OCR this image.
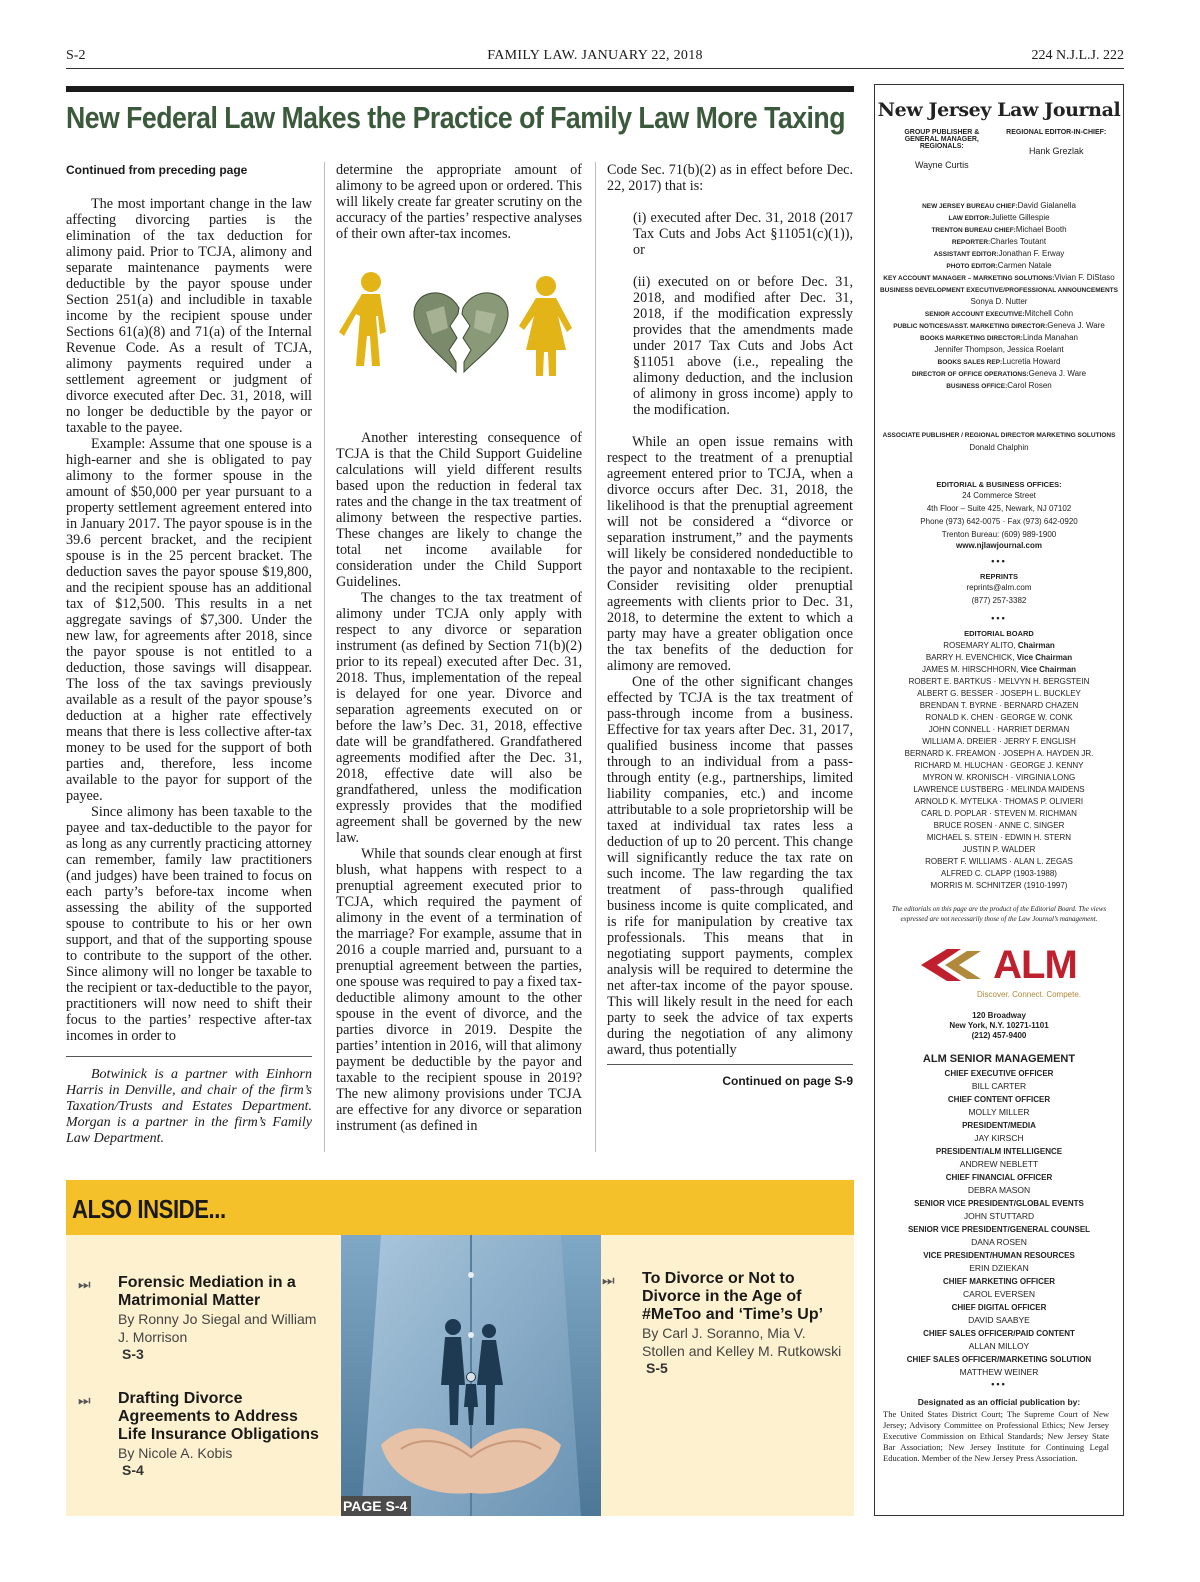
S-2	FAMILY LAW. JANUARY 22, 2018	224 N.J.L.J. 222
New Federal Law Makes the Practice of Family Law More Taxing

Continued from preceding page

The most important change in the law affecting divorcing parties is the elimination of the tax deduction for alimony paid. Prior to TCJA, alimony and separate maintenance payments were deductible by the payor spouse under Section 251(a) and includible in taxable income by the recipient spouse under Sections 61(a)(8) and 71(a) of the Internal Revenue Code. As a result of TCJA, alimony payments required under a settlement agreement or judgment of divorce executed after Dec. 31, 2018, will no longer be deductible by the payor or taxable to the payee.

Example: Assume that one spouse is a high-earner and she is obligated to pay alimony to the former spouse in the amount of $50,000 per year pursuant to a property settlement agreement entered into in January 2017. The payor spouse is in the 39.6 percent bracket, and the recipient spouse is in the 25 percent bracket. The deduction saves the payor spouse $19,800, and the recipient spouse has an additional tax of $12,500. This results in a net aggregate savings of $7,300. Under the new law, for agreements after 2018, since the payor spouse is not entitled to a deduction, those savings will disappear. The loss of the tax savings previously available as a result of the payor spouse’s deduction at a higher rate effectively means that there is less collective after-tax money to be used for the support of both parties and, therefore, less income available to the payor for support of the payee.

Since alimony has been taxable to the payee and tax-deductible to the payor for as long as any currently practicing attorney can remember, family law practitioners (and judges) have been trained to focus on each party’s before-tax income when assessing the ability of the supported spouse to contribute to his or her own support, and that of the supporting spouse to contribute to the support of the other. Since alimony will no longer be taxable to the recipient or tax-deductible to the payor, practitioners will now need to shift their focus to the parties’ respective after-tax incomes in order to

Botwinick is a partner with Einhorn Harris in Denville, and chair of the firm’s Taxation/Trusts and Estates Department. Morgan is a partner in the firm’s Family Law Department.

determine the appropriate amount of alimony to be agreed upon or ordered. This will likely create far greater scrutiny on the accuracy of the parties’ respective analyses of their own after-tax incomes.

Another interesting consequence of TCJA is that the Child Support Guideline calculations will yield different results based upon the reduction in federal tax rates and the change in the tax treatment of alimony between the respective parties. These changes are likely to change the total net income available for consideration under the Child Support Guidelines.

The changes to the tax treatment of alimony under TCJA only apply with respect to any divorce or separation instrument (as defined by Section 71(b)(2) prior to its repeal) executed after Dec. 31, 2018. Thus, implementation of the repeal is delayed for one year. Divorce and separation agreements executed on or before the law’s Dec. 31, 2018, effective date will be grandfathered. Grandfathered agreements modified after the Dec. 31, 2018, effective date will also be grandfathered, unless the modification expressly provides that the modified agreement shall be governed by the new law.

While that sounds clear enough at first blush, what happens with respect to a prenuptial agreement executed prior to TCJA, which required the payment of alimony in the event of a termination of the marriage? For example, assume that in 2016 a couple married and, pursuant to a prenuptial agreement between the parties, one spouse was required to pay a fixed tax-deductible alimony amount to the other spouse in the event of divorce, and the parties divorce in 2019. Despite the parties’ intention in 2016, will that alimony payment be deductible by the payor and taxable to the recipient spouse in 2019? The new alimony provisions under TCJA are effective for any divorce or separation instrument (as defined in

Code Sec. 71(b)(2) as in effect before Dec. 22, 2017) that is:

(i) executed after Dec. 31, 2018 (2017 Tax Cuts and Jobs Act §11051(c)(1)), or

(ii) executed on or before Dec. 31, 2018, and modified after Dec. 31, 2018, if the modification expressly provides that the amendments made under 2017 Tax Cuts and Jobs Act §11051 above (i.e., repealing the alimony deduction, and the inclusion of alimony in gross income) apply to the modification.

While an open issue remains with respect to the treatment of a prenuptial agreement entered prior to TCJA, when a divorce occurs after Dec. 31, 2018, the likelihood is that the prenuptial agreement will not be considered a “divorce or separation instrument,” and the payments will likely be considered nondeductible to the payor and nontaxable to the recipient. Consider revisiting older prenuptial agreements with clients prior to Dec. 31, 2018, to determine the extent to which a party may have a greater obligation once the tax benefits of the deduction for alimony are removed.

One of the other significant changes effected by TCJA is the tax treatment of pass-through income from a business. Effective for tax years after Dec. 31, 2017, qualified business income that passes through to an individual from a pass-through entity (e.g., partnerships, limited liability companies, etc.) and income attributable to a sole proprietorship will be taxed at individual tax rates less a deduction of up to 20 percent. This change will significantly reduce the tax rate on such income. The law regarding the tax treatment of pass-through qualified business income is quite complicated, and is rife for manipulation by creative tax professionals. This means that in negotiating support payments, complex analysis will be required to determine the net after-tax income of the payor spouse. This will likely result in the need for each party to seek the advice of tax experts during the negotiation of any alimony award, thus potentially

Continued on page S-9

New Jersey Law Journal
GROUP PUBLISHER & GENERAL MANAGER, REGIONALS:
Wayne Curtis
REGIONAL EDITOR-IN-CHIEF:
Hank Grezlak
NEW JERSEY BUREAU CHIEF:David Gialanella
LAW EDITOR:Juliette Gillespie
TRENTON BUREAU CHIEF:Michael Booth
REPORTER:Charles Toutant
ASSISTANT EDITOR:Jonathan F. Erway
PHOTO EDITOR:Carmen Natale
KEY ACCOUNT MANAGER – MARKETING SOLUTIONS:Vivian F. DiStaso
BUSINESS DEVELOPMENT EXECUTIVE/PROFESSIONAL ANNOUNCEMENTS
Sonya D. Nutter
SENIOR ACCOUNT EXECUTIVE:Mitchell Cohn
PUBLIC NOTICES/ASST. MARKETING DIRECTOR:Geneva J. Ware
BOOKS MARKETING DIRECTOR:Linda Manahan
Jennifer Thompson, Jessica Roelant
BOOKS SALES REP:Lucretia Howard
DIRECTOR OF OFFICE OPERATIONS:Geneva J. Ware
BUSINESS OFFICE:Carol Rosen
ASSOCIATE PUBLISHER / REGIONAL DIRECTOR MARKETING SOLUTIONS
Donald Chalphin
EDITORIAL & BUSINESS OFFICES:
24 Commerce Street
4th Floor – Suite 425, Newark, NJ 07102
Phone (973) 642-0075 · Fax (973) 642-0920
Trenton Bureau: (609) 989-1900
www.njlawjournal.com
•••
REPRINTS
reprints@alm.com
(877) 257-3382
•••
EDITORIAL BOARD
ROSEMARY ALITO, Chairman
BARRY H. EVENCHICK, Vice Chairman
JAMES M. HIRSCHHORN, Vice Chairman
ROBERT E. BARTKUS · MELVYN H. BERGSTEIN
ALBERT G. BESSER · JOSEPH L. BUCKLEY
BRENDAN T. BYRNE · BERNARD CHAZEN
RONALD K. CHEN · GEORGE W. CONK
JOHN CONNELL · HARRIET DERMAN
WILLIAM A. DREIER · JERRY F. ENGLISH
BERNARD K. FREAMON · JOSEPH A. HAYDEN JR.
RICHARD M. HLUCHAN · GEORGE J. KENNY
MYRON W. KRONISCH · VIRGINIA LONG
LAWRENCE LUSTBERG · MELINDA MAIDENS
ARNOLD K. MYTELKA · THOMAS P. OLIVIERI
CARL D. POPLAR · STEVEN M. RICHMAN
BRUCE ROSEN · ANNE C. SINGER
MICHAEL S. STEIN · EDWIN H. STERN
JUSTIN P. WALDER
ROBERT F. WILLIAMS · ALAN L. ZEGAS
ALFRED C. CLAPP (1903-1988)
MORRIS M. SCHNITZER (1910-1997)
The editorials on this page are the product of the Editorial Board. The views expressed are not necessarily those of the Law Journal’s management.
ALM
Discover. Connect. Compete.
120 Broadway
New York, N.Y. 10271-1101
(212) 457-9400
ALM SENIOR MANAGEMENT
CHIEF EXECUTIVE OFFICER
BILL CARTER
CHIEF CONTENT OFFICER
MOLLY MILLER
PRESIDENT/MEDIA
JAY KIRSCH
PRESIDENT/ALM INTELLIGENCE
ANDREW NEBLETT
CHIEF FINANCIAL OFFICER
DEBRA MASON
SENIOR VICE PRESIDENT/GLOBAL EVENTS
JOHN STUTTARD
SENIOR VICE PRESIDENT/GENERAL COUNSEL
DANA ROSEN
VICE PRESIDENT/HUMAN RESOURCES
ERIN DZIEKAN
CHIEF MARKETING OFFICER
CAROL EVERSEN
CHIEF DIGITAL OFFICER
DAVID SAABYE
CHIEF SALES OFFICER/PAID CONTENT
ALLAN MILLOY
CHIEF SALES OFFICER/MARKETING SOLUTION
MATTHEW WEINER
•••
Designated as an official publication by:
The United States District Court; The Supreme Court of New Jersey; Advisory Committee on Professional Ethics; New Jersey Executive Commission on Ethical Standards; New Jersey State Bar Association; New Jersey Institute for Continuing Legal Education. Member of the New Jersey Press Association.
ALSO INSIDE...
⏭ Forensic Mediation in a Matrimonial Matter
By Ronny Jo Siegal and William J. Morrison
S-3
⏭ Drafting Divorce Agreements to Address Life Insurance Obligations
By Nicole A. Kobis
S-4
⏭ To Divorce or Not to Divorce in the Age of #MeToo and ‘Time’s Up’
By Carl J. Soranno, Mia V. Stollen and Kelley M. Rutkowski
S-5
PAGE S-4
